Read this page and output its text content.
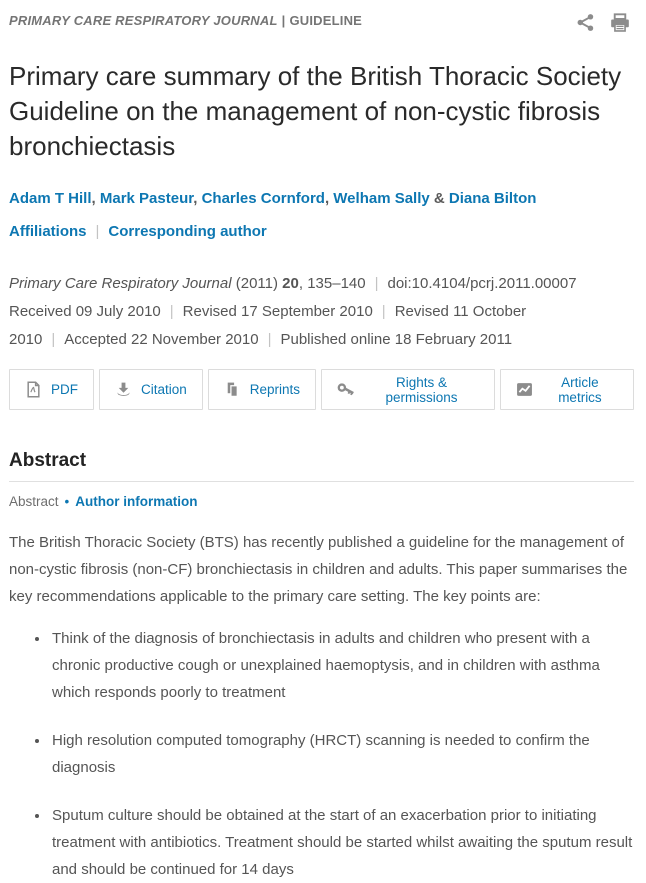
PRIMARY CARE RESPIRATORY JOURNAL | GUIDELINE
Primary care summary of the British Thoracic Society Guideline on the management of non-cystic fibrosis bronchiectasis
Adam T Hill, Mark Pasteur, Charles Cornford, Welham Sally & Diana Bilton
Affiliations | Corresponding author
Primary Care Respiratory Journal (2011) 20, 135–140 | doi:10.4104/pcrj.2011.00007
Received 09 July 2010 | Revised 17 September 2010 | Revised 11 October 2010 | Accepted 22 November 2010 | Published online 18 February 2011
PDF	Citation	Reprints	Rights & permissions
Article metrics
Abstract
Abstract • Author information

The British Thoracic Society (BTS) has recently published a guideline for the management of non-cystic fibrosis (non-CF) bronchiectasis in children and adults. This paper summarises the key recommendations applicable to the primary care setting. The key points are:

• Think of the diagnosis of bronchiectasis in adults and children who present with a chronic productive cough or unexplained haemoptysis, and in children with asthma which responds poorly to treatment
• High resolution computed tomography (HRCT) scanning is needed to confirm the diagnosis
• Sputum culture should be obtained at the start of an exacerbation prior to initiating treatment with antibiotics. Treatment should be started whilst awaiting the sputum result and should be continued for 14 days
